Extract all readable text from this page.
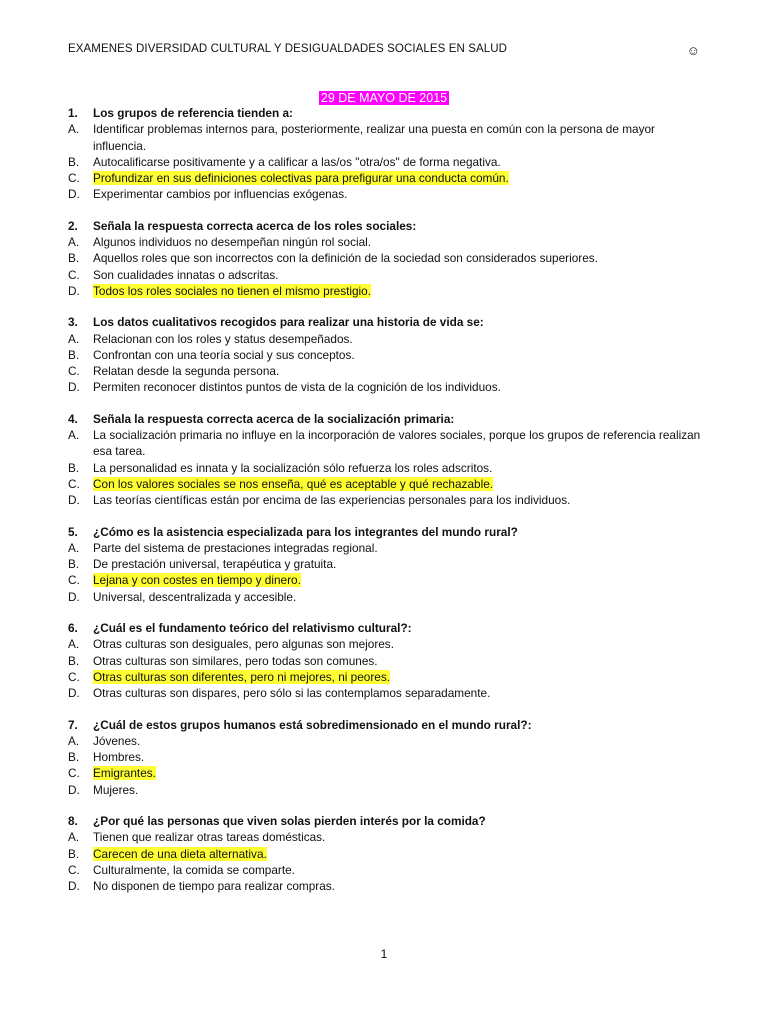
EXAMENES DIVERSIDAD CULTURAL Y DESIGUALDADES SOCIALES EN SALUD	☺
29 DE MAYO DE 2015
1.	Los grupos de referencia tienden a:
A.	Identificar problemas internos para, posteriormente, realizar una puesta en común con la persona de mayor influencia.
B.	Autocalificarse positivamente y a calificar a las/os "otra/os" de forma negativa.
C.	Profundizar en sus definiciones colectivas para prefigurar una conducta común.
D.	Experimentar cambios por influencias exógenas.
2.	Señala la respuesta correcta acerca de los roles sociales:
A.	Algunos individuos no desempeñan ningún rol social.
B.	Aquellos roles que son incorrectos con la definición de la sociedad son considerados superiores.
C.	Son cualidades innatas o adscritas.
D.	Todos los roles sociales no tienen el mismo prestigio.
3.	Los datos cualitativos recogidos para realizar una historia de vida se:
A.	Relacionan con los roles y status desempeñados.
B.	Confrontan con una teoría social y sus conceptos.
C.	Relatan desde la segunda persona.
D.	Permiten reconocer distintos puntos de vista de la cognición de los individuos.
4.	Señala la respuesta correcta acerca de la socialización primaria:
A.	La socialización primaria no influye en la incorporación de valores sociales, porque los grupos de referencia realizan esa tarea.
B.	La personalidad es innata y la socialización sólo refuerza los roles adscritos.
C.	Con los valores sociales se nos enseña, qué es aceptable y qué rechazable.
D.	Las teorías científicas están por encima de las experiencias personales para los individuos.
5.	¿Cómo es la asistencia especializada para los integrantes del mundo rural?
A.	Parte del sistema de prestaciones integradas regional.
B.	De prestación universal, terapéutica y gratuita.
C.	Lejana y con costes en tiempo y dinero.
D.	Universal, descentralizada y accesible.
6.	¿Cuál es el fundamento teórico del relativismo cultural?:
A.	Otras culturas son desiguales, pero algunas son mejores.
B.	Otras culturas son similares, pero todas son comunes.
C.	Otras culturas son diferentes, pero ni mejores, ni peores.
D.	Otras culturas son dispares, pero sólo si las contemplamos separadamente.
7.	¿Cuál de estos grupos humanos está sobredimensionado en el mundo rural?:
A.	Jóvenes.
B.	Hombres.
C.	Emigrantes.
D.	Mujeres.
8.	¿Por qué las personas que viven solas pierden interés por la comida?
A.	Tienen que realizar otras tareas domésticas.
B.	Carecen de una dieta alternativa.
C.	Culturalmente, la comida se comparte.
D.	No disponen de tiempo para realizar compras.
1
